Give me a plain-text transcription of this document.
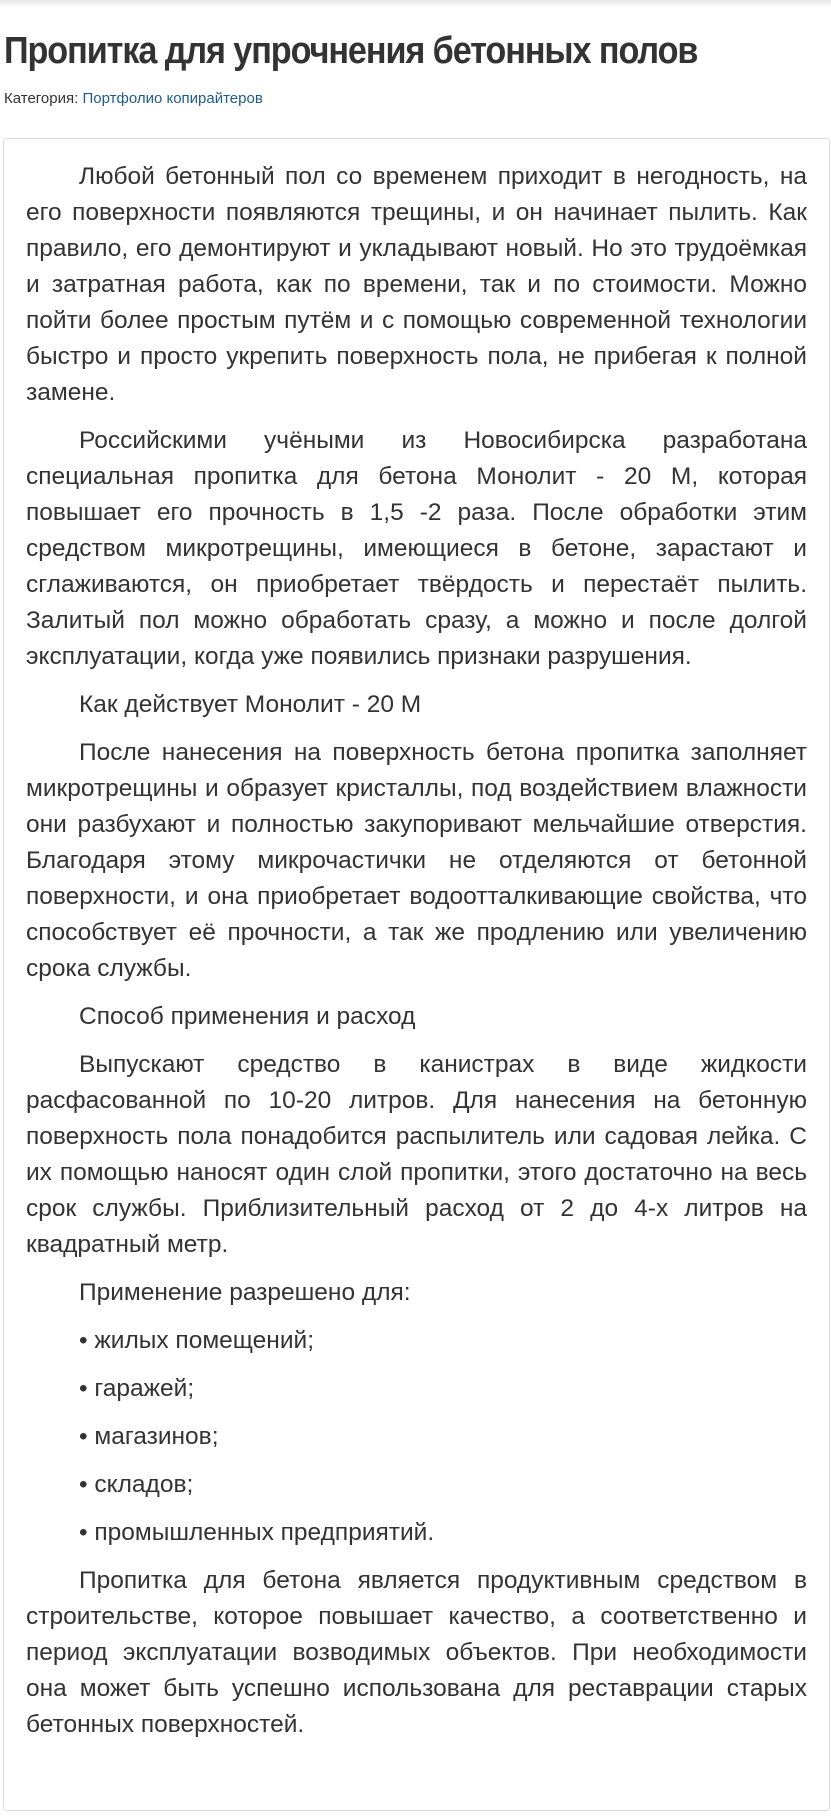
Пропитка для упрочнения бетонных полов
Категория: Портфолио копирайтеров

Любой бетонный пол со временем приходит в негодность, на его поверхности появляются трещины, и он начинает пылить. Как правило, его демонтируют и укладывают новый. Но это трудоёмкая и затратная работа, как по времени, так и по стоимости. Можно пойти более простым путём и с помощью современной технологии быстро и просто укрепить поверхность пола, не прибегая к полной замене.

Российскими учёными из Новосибирска разработана специальная пропитка для бетона Монолит - 20 М, которая повышает его прочность в 1,5 -2 раза. После обработки этим средством микротрещины, имеющиеся в бетоне, зарастают и сглаживаются, он приобретает твёрдость и перестаёт пылить. Залитый пол можно обработать сразу, а можно и после долгой эксплуатации, когда уже появились признаки разрушения.

Как действует Монолит - 20 М

После нанесения на поверхность бетона пропитка заполняет микротрещины и образует кристаллы, под воздействием влажности они разбухают и полностью закупоривают мельчайшие отверстия. Благодаря этому микрочастички не отделяются от бетонной поверхности, и она приобретает водоотталкивающие свойства, что способствует её прочности, а так же продлению или увеличению срока службы.

Способ применения и расход

Выпускают средство в канистрах в виде жидкости расфасованной по 10-20 литров. Для нанесения на бетонную поверхность пола понадобится распылитель или садовая лейка. С их помощью наносят один слой пропитки, этого достаточно на весь срок службы. Приблизительный расход от 2 до 4-х литров на квадратный метр.

Применение разрешено для:

• жилых помещений;

• гаражей;

• магазинов;

• складов;

• промышленных предприятий.

Пропитка для бетона является продуктивным средством в строительстве, которое повышает качество, а соответственно и период эксплуатации возводимых объектов. При необходимости она может быть успешно использована для реставрации старых бетонных поверхностей.
